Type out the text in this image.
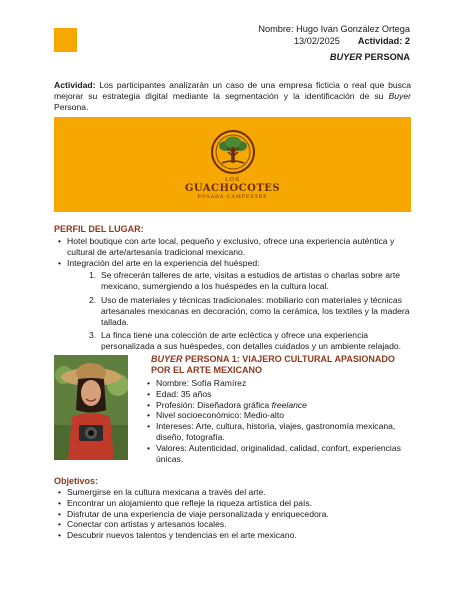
Nombre: Hugo Iván González Ortega
13/02/2025 Actividad: 2
BUYER PERSONA
Actividad: Los participantes analizarán un caso de una empresa ficticia o real que busca mejorar su estrategia digital mediante la segmentación y la identificación de su Buyer Persona.
LOS
GUACHOCOTES
POSADA CAMPESTRE
PERFIL DEL LUGAR:
• Hotel boutique con arte local, pequeño y exclusivo, ofrece una experiencia auténtica y cultural de arte/artesanía tradicional mexicano.
• Integración del arte en la experiencia del huésped:
1. Se ofrecerán talleres de arte, visitas a estudios de artistas o charlas sobre arte mexicano, sumergiendo a los huéspedes en la cultura local.
2. Uso de materiales y técnicas tradicionales: mobiliario con materiales y técnicas artesanales mexicanas en decoración, como la cerámica, los textiles y la madera tallada.
3. La finca tiene una colección de arte ecléctica y ofrece una experiencia personalizada a sus huéspedes, con detalles cuidados y un ambiente relajado.
BUYER PERSONA 1: VIAJERO CULTURAL APASIONADO POR EL ARTE MEXICANO
• Nombre: Sofía Ramírez
• Edad: 35 años
• Profesión: Diseñadora gráfica freelance
• Nivel socioeconómico: Medio-alto
• Intereses: Arte, cultura, historia, viajes, gastronomía mexicana, diseño, fotografía.
• Valores: Autenticidad, originalidad, calidad, confort, experiencias únicas.
Objetivos:
• Sumergirse en la cultura mexicana a través del arte.
• Encontrar un alojamiento que refleje la riqueza artística del país.
• Disfrutar de una experiencia de viaje personalizada y enriquecedora.
• Conectar con artistas y artesanos locales.
• Descubrir nuevos talentos y tendencias en el arte mexicano.
